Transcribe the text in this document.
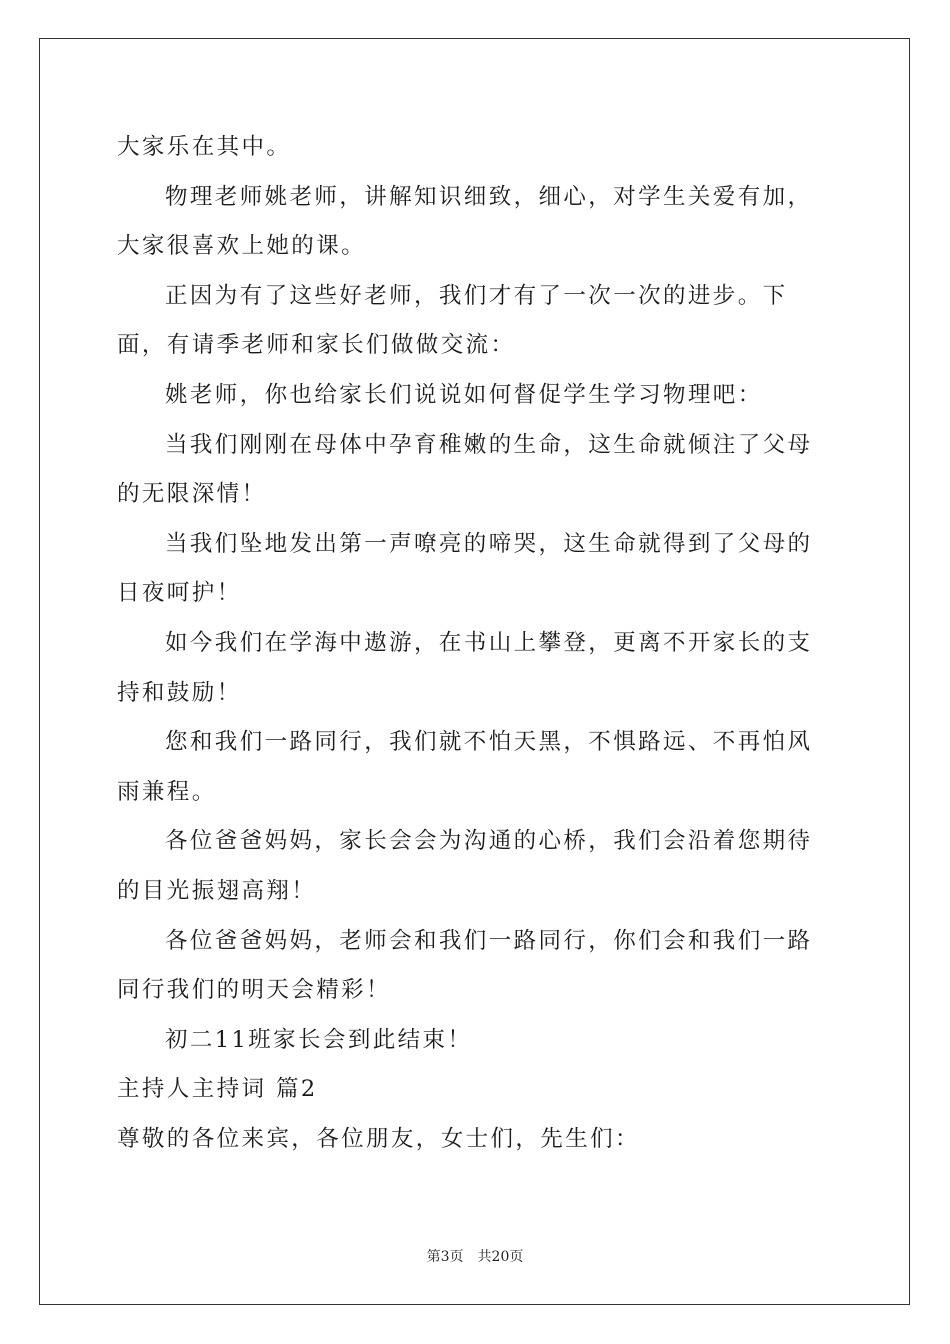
大家乐在其中。

物理老师姚老师，讲解知识细致，细心，对学生关爱有加，大家很喜欢上她的课。

正因为有了这些好老师，我们才有了一次一次的进步。下面，有请季老师和家长们做做交流：

姚老师，你也给家长们说说如何督促学生学习物理吧：

当我们刚刚在母体中孕育稚嫩的生命，这生命就倾注了父母的无限深情！

当我们坠地发出第一声嘹亮的啼哭，这生命就得到了父母的日夜呵护！

如今我们在学海中遨游，在书山上攀登，更离不开家长的支持和鼓励！

您和我们一路同行，我们就不怕天黑，不惧路远、不再怕风雨兼程。

各位爸爸妈妈，家长会会为沟通的心桥，我们会沿着您期待的目光振翅高翔！

各位爸爸妈妈，老师会和我们一路同行，你们会和我们一路同行我们的明天会精彩！

初二11班家长会到此结束！

主持人主持词 篇2

尊敬的各位来宾，各位朋友，女士们，先生们：

第3页 共20页
